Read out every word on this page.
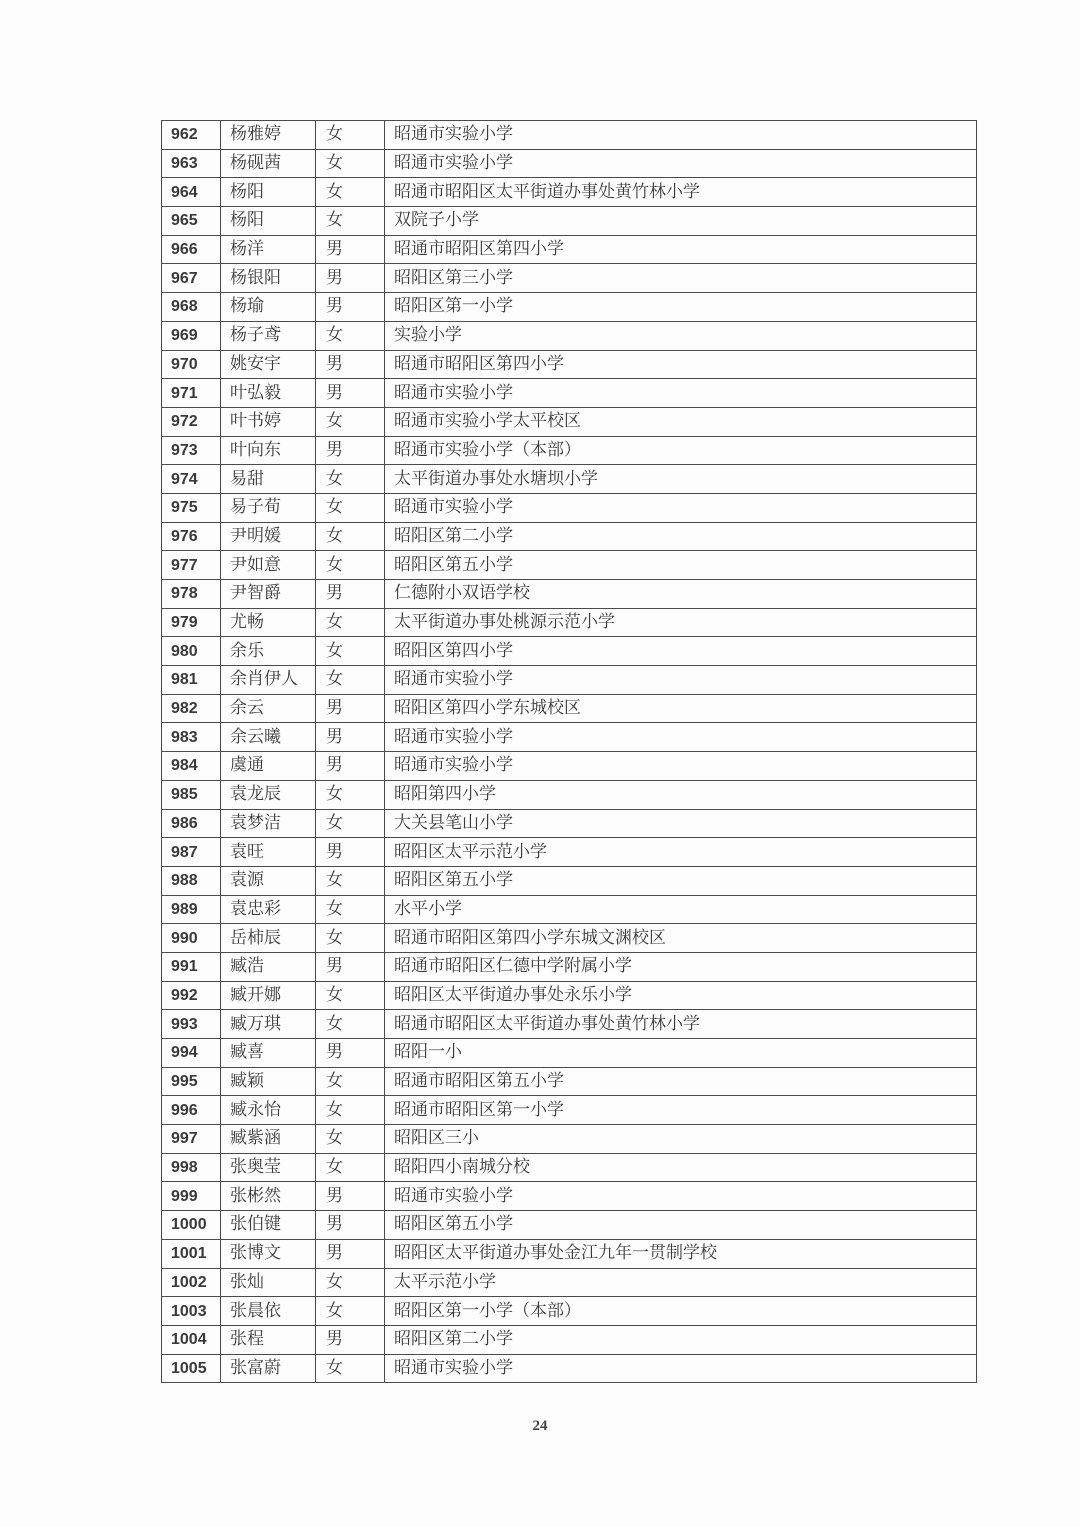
962	杨雅婷	女	昭通市实验小学
963	杨砚茜	女	昭通市实验小学
964	杨阳	女	昭通市昭阳区太平街道办事处黄竹林小学
965	杨阳	女	双院子小学
966	杨洋	男	昭通市昭阳区第四小学
967	杨银阳	男	昭阳区第三小学
968	杨瑜	男	昭阳区第一小学
969	杨子鸢	女	实验小学
970	姚安宇	男	昭通市昭阳区第四小学
971	叶弘毅	男	昭通市实验小学
972	叶书婷	女	昭通市实验小学太平校区
973	叶向东	男	昭通市实验小学（本部）
974	易甜	女	太平街道办事处水塘坝小学
975	易子荀	女	昭通市实验小学
976	尹明媛	女	昭阳区第二小学
977	尹如意	女	昭阳区第五小学
978	尹智爵	男	仁德附小双语学校
979	尤畅	女	太平街道办事处桃源示范小学
980	余乐	女	昭阳区第四小学
981	余肖伊人	女	昭通市实验小学
982	余云	男	昭阳区第四小学东城校区
983	余云曦	男	昭通市实验小学
984	虞通	男	昭通市实验小学
985	袁龙辰	女	昭阳第四小学
986	袁梦洁	女	大关县笔山小学
987	袁旺	男	昭阳区太平示范小学
988	袁源	女	昭阳区第五小学
989	袁忠彩	女	水平小学
990	岳柿辰	女	昭通市昭阳区第四小学东城文渊校区
991	臧浩	男	昭通市昭阳区仁德中学附属小学
992	臧开娜	女	昭阳区太平街道办事处永乐小学
993	臧万琪	女	昭通市昭阳区太平街道办事处黄竹林小学
994	臧喜	男	昭阳一小
995	臧颖	女	昭通市昭阳区第五小学
996	臧永怡	女	昭通市昭阳区第一小学
997	臧紫涵	女	昭阳区三小
998	张奥莹	女	昭阳四小南城分校
999	张彬然	男	昭通市实验小学
1000	张伯键	男	昭阳区第五小学
1001	张博文	男	昭阳区太平街道办事处金江九年一贯制学校
1002	张灿	女	太平示范小学
1003	张晨依	女	昭阳区第一小学（本部）
1004	张程	男	昭阳区第二小学
1005	张富蔚	女	昭通市实验小学
24
